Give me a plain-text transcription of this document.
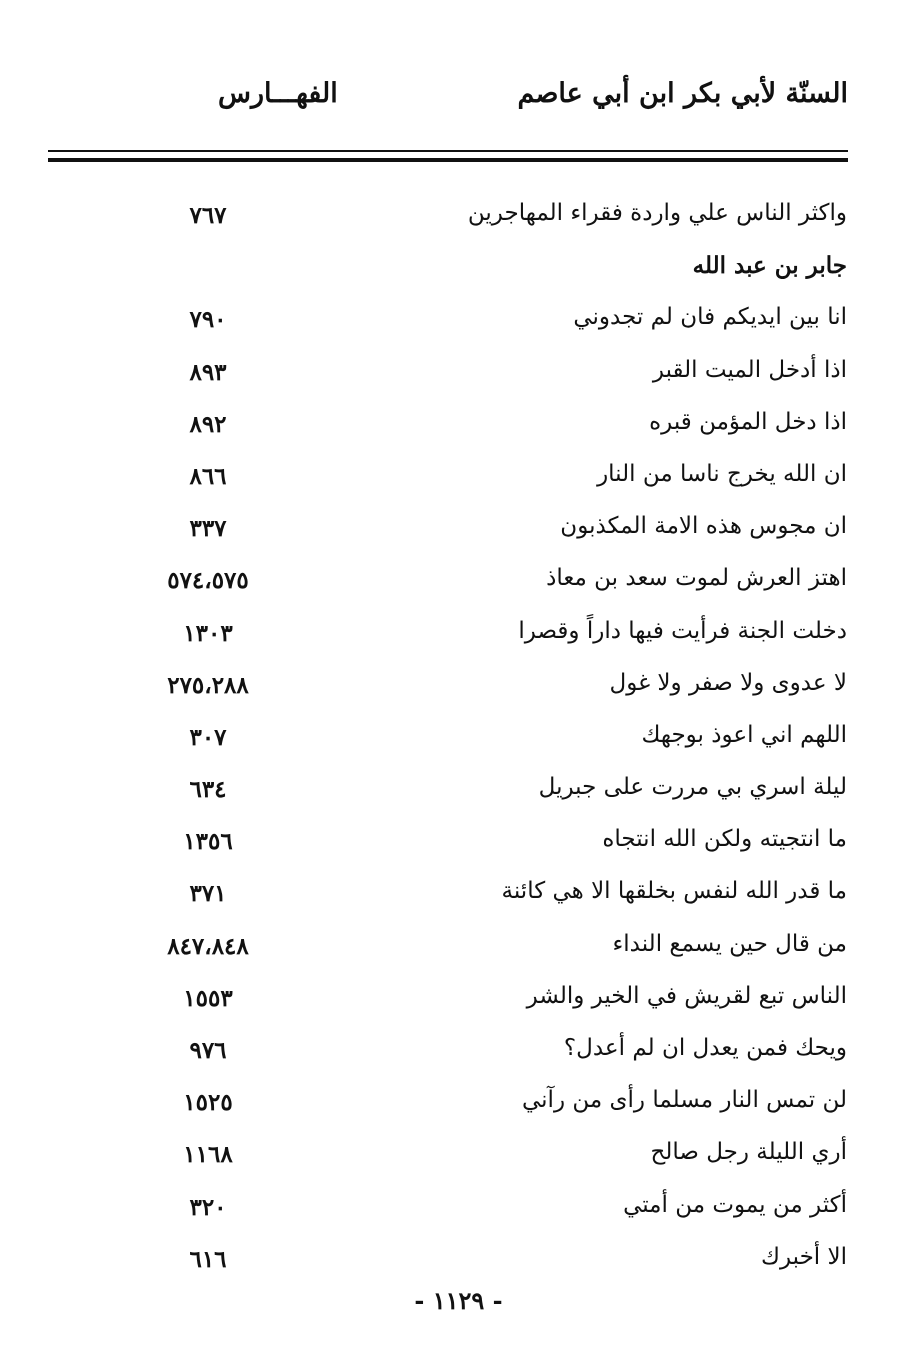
السنّة لأبي بكر ابن أبي عاصم
الفهـــارس
واكثر الناس علي واردة فقراء المهاجرين
٧٦٧
جابر بن عبد الله
انا بين ايديكم فان لم تجدوني
٧٩٠
اذا أدخل الميت القبر
٨٩٣
اذا دخل المؤمن قبره
٨٩٢
ان الله يخرج ناسا من النار
٨٦٦
ان مجوس هذه الامة المكذبون
٣٣٧
اهتز العرش لموت سعد بن معاذ
٥٧٤،٥٧٥
دخلت الجنة فرأيت فيها داراً وقصرا
١٣٠٣
لا عدوى ولا صفر ولا غول
٢٧٥،٢٨٨
اللهم اني اعوذ بوجهك
٣٠٧
ليلة اسري بي مررت على جبريل
٦٣٤
ما انتجيته ولكن الله انتجاه
١٣٥٦
ما قدر الله لنفس بخلقها الا هي كائنة
٣٧١
من قال حين يسمع النداء
٨٤٧،٨٤٨
الناس تبع لقريش في الخير والشر
١٥٥٣
ويحك فمن يعدل ان لم أعدل؟
٩٧٦
لن تمس النار مسلما رأى من رآني
١٥٢٥
أري الليلة رجل صالح
١١٦٨
أكثر من يموت من أمتي
٣٢٠
الا أخبرك
٦١٦
- ١١٢٩ -
